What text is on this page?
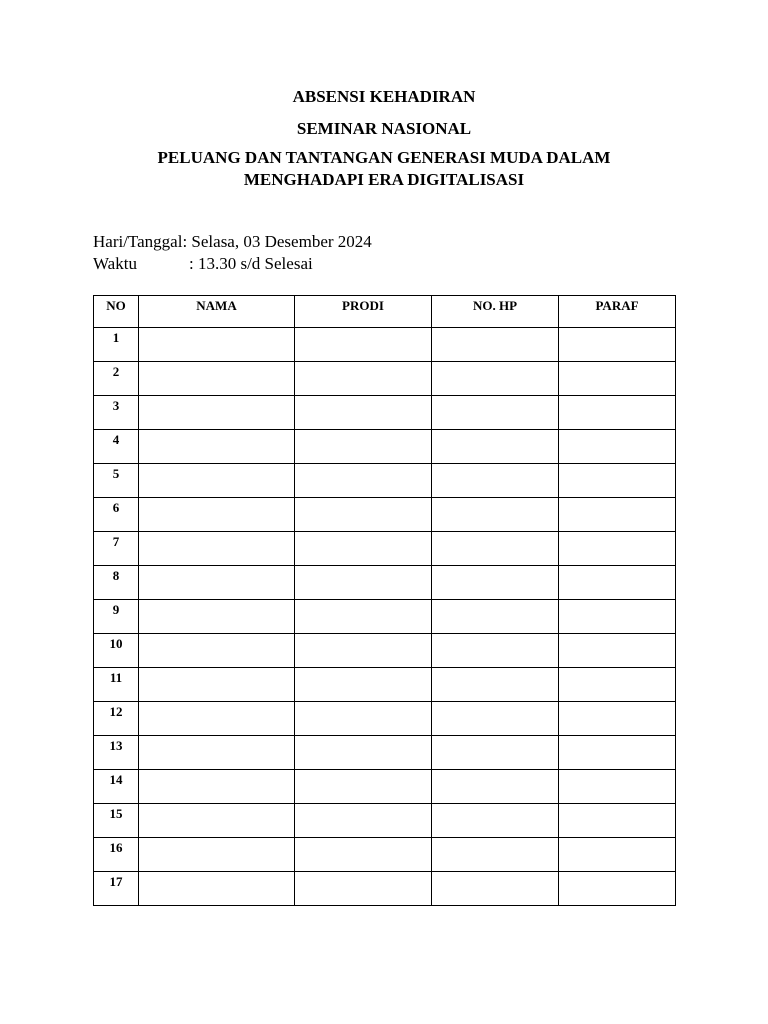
ABSENSI KEHADIRAN
SEMINAR NASIONAL
PELUANG DAN TANTANGAN GENERASI MUDA DALAM
MENGHADAPI ERA DIGITALISASI
Hari/Tanggal: Selasa, 03 Desember 2024
Waktu	: 13.30 s/d Selesai
NO	NAMA	PRODI	NO. HP	PARAF
1				
2				
3				
4				
5				
6				
7				
8				
9				
10				
11				
12				
13				
14				
15				
16				
17				
